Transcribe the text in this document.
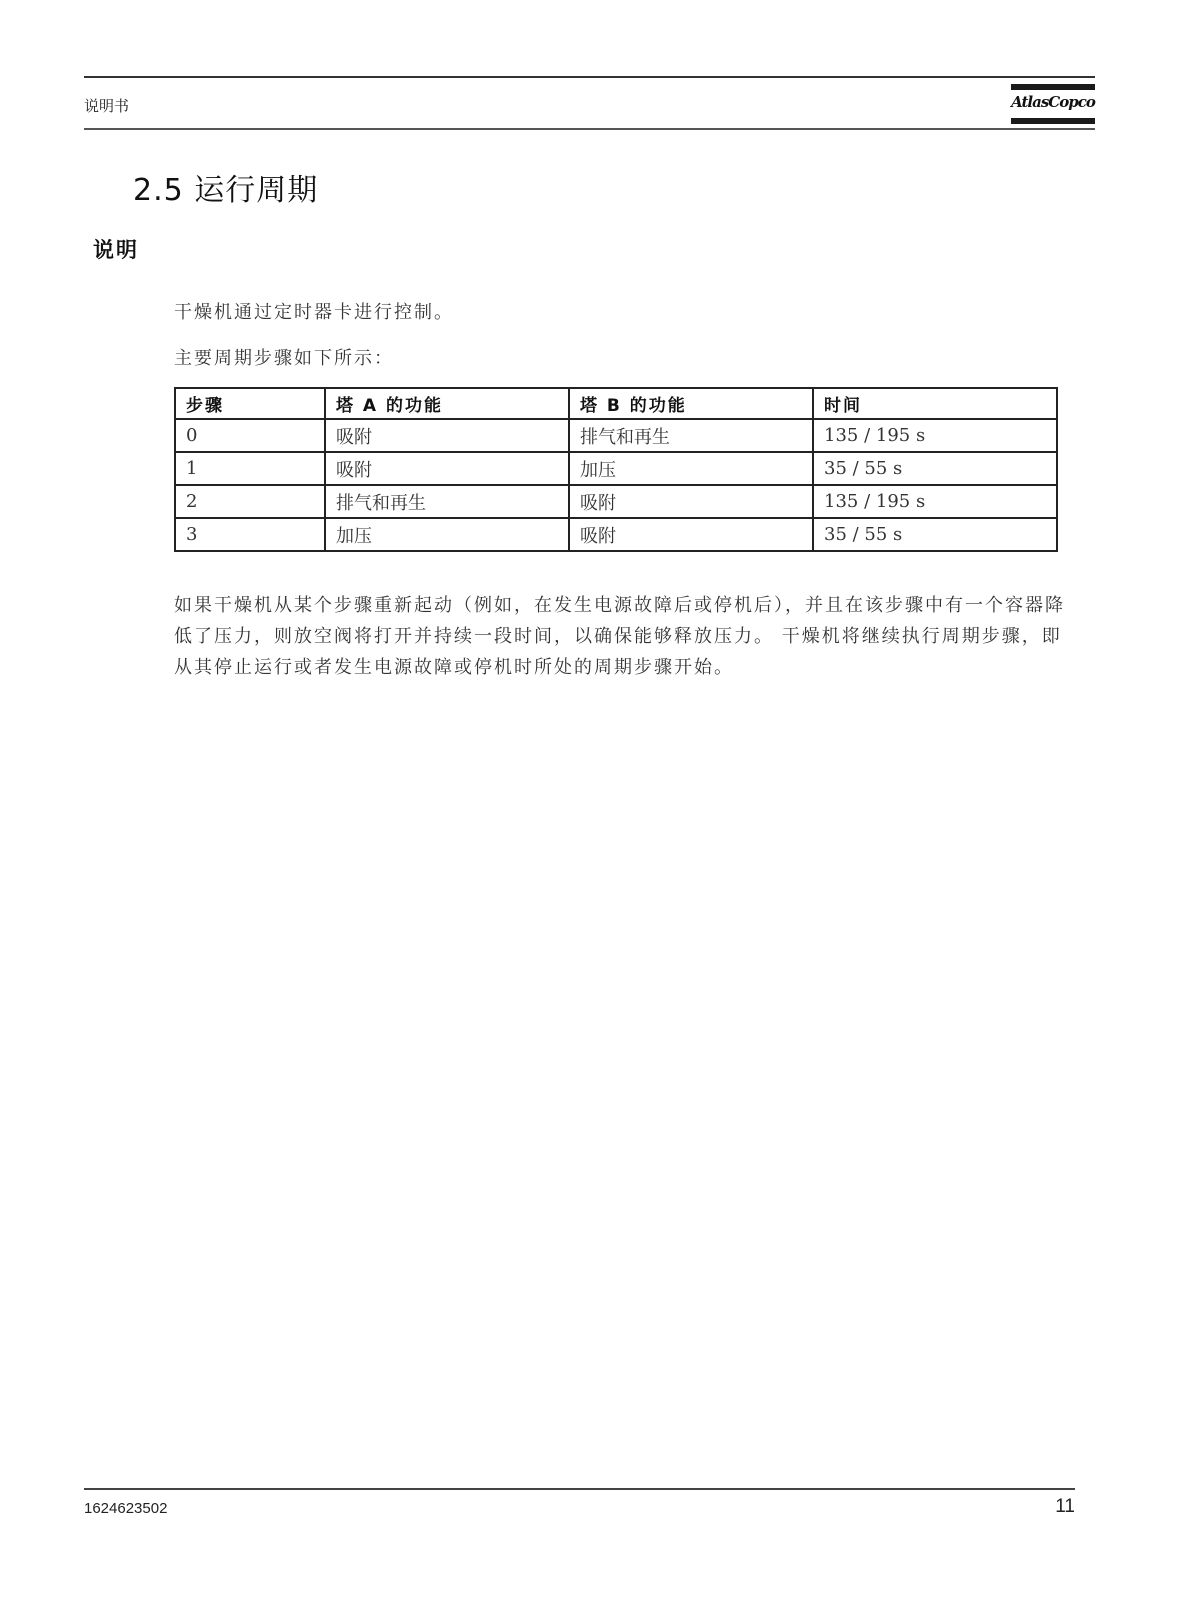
说明书	AtlasCopco
2.5 运行周期
说明
干燥机通过定时器卡进行控制。
主要周期步骤如下所示：
步骤	塔 A 的功能	塔 B 的功能	时间
0	吸附	排气和再生	135 / 195 s
1	吸附	加压	35 / 55 s
2	排气和再生	吸附	135 / 195 s
3	加压	吸附	35 / 55 s
如果干燥机从某个步骤重新起动（例如，在发生电源故障后或停机后），并且在该步骤中有一个容器降低了压力，则放空阀将打开并持续一段时间，以确保能够释放压力。 干燥机将继续执行周期步骤，即从其停止运行或者发生电源故障或停机时所处的周期步骤开始。
1624623502	11
